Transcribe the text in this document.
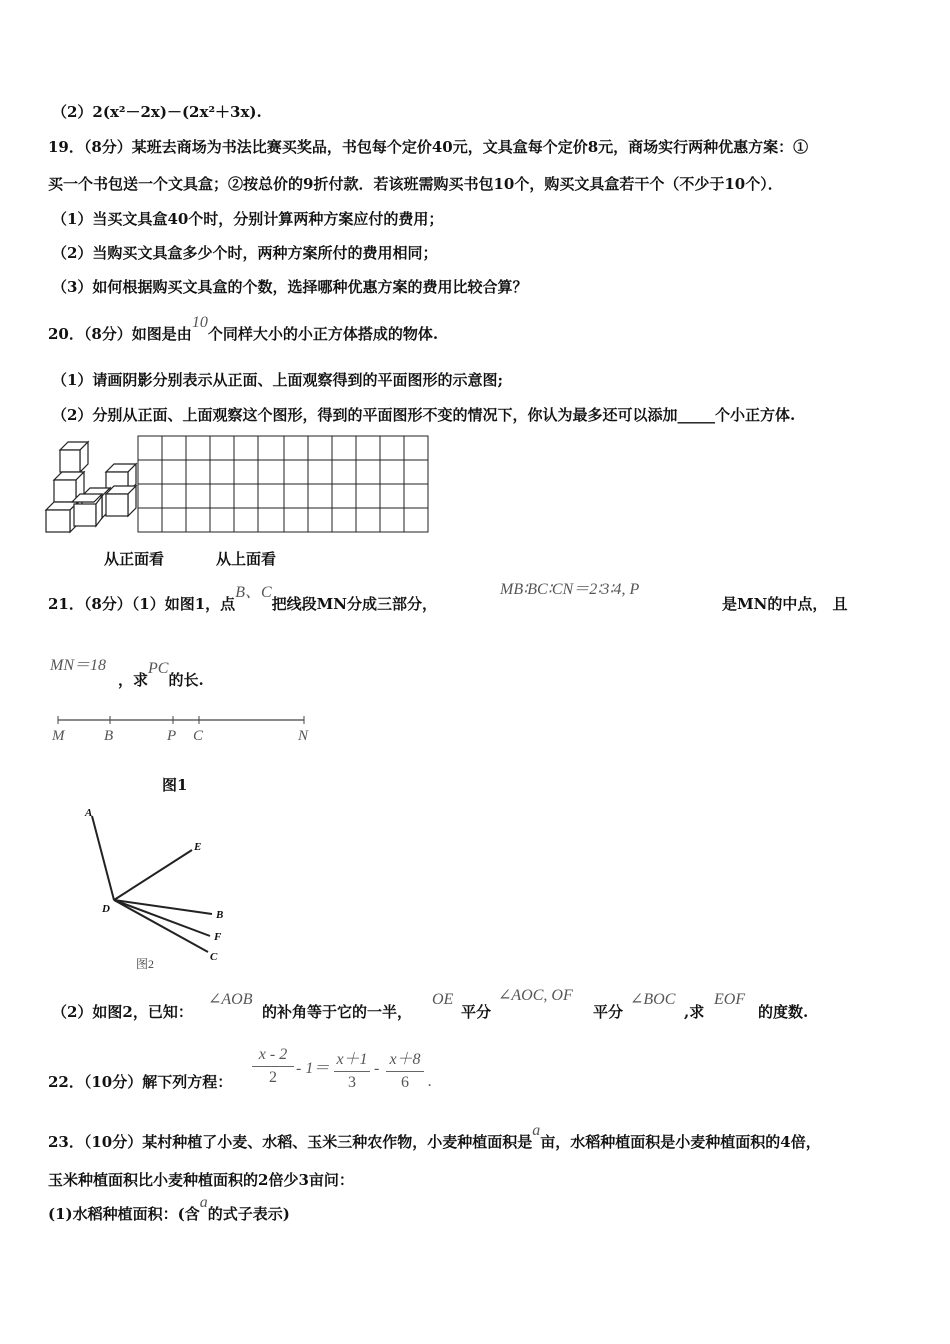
（2）2(x²－2x)－(2x²＋3x).
19．（8分）某班去商场为书法比赛买奖品，书包每个定价40元，文具盒每个定价8元，商场实行两种优惠方案：①
买一个书包送一个文具盒；②按总价的9折付款．若该班需购买书包10个，购买文具盒若干个（不少于10个）．
（1）当买文具盒40个时，分别计算两种方案应付的费用；
（2）当购买文具盒多少个时，两种方案所付的费用相同；
（3）如何根据购买文具盒的个数，选择哪种优惠方案的费用比较合算？
20．（8分）如图是由10个同样大小的小正方体搭成的物体.
（1）请画阴影分别表示从正面、上面观察得到的平面图形的示意图;
（2）分别从正面、上面观察这个图形，得到的平面图形不变的情况下，你认为最多还可以添加_____个小正方体.
从正面看	从上面看
21．（8分）（1）如图1，点B、C把线段MN分成三部分，
MB∶BC∶CN＝2∶3∶4, P
是MN的中点， 且
MN＝18
，求PC的长.
M	B	P C	N
图1
A
E
D	B
F
C
图2
（2）如图2，已知：
∠AOB
的补角等于它的一半，
OE
平分
∠AOC, OF
平分
∠BOC
,求
EOF
的度数.
22．（10分）解下列方程：
x - 2
2
- 1＝
x＋1
3
-
x＋8
6	.
23．（10分）某村种植了小麦、水稻、玉米三种农作物，小麦种植面积是a亩，水稻种植面积是小麦种植面积的4倍，
玉米种植面积比小麦种植面积的2倍少3亩问：
(1)水稻种植面积：(含a的式子表示)
